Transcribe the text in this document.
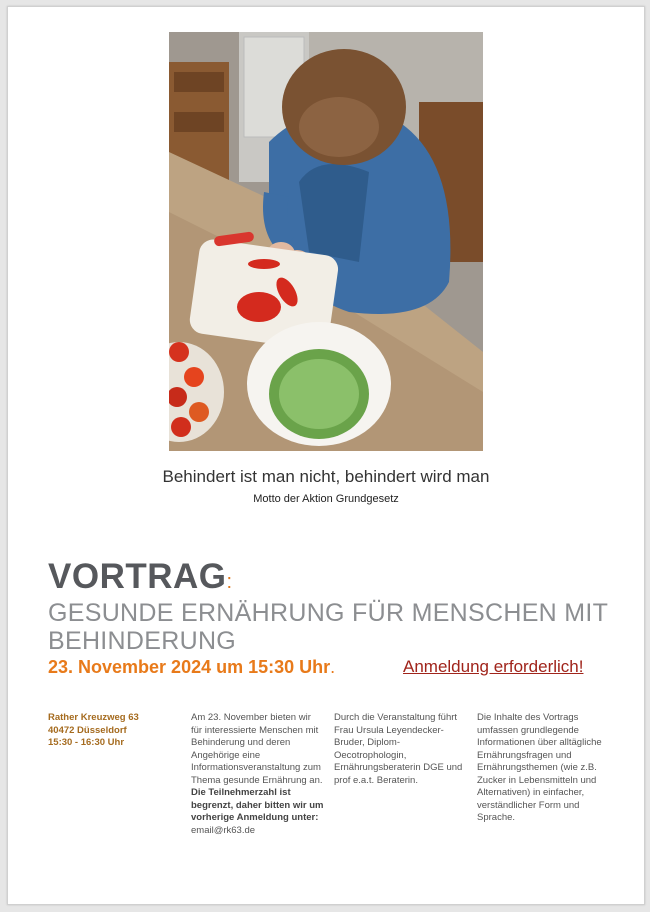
Behindert ist man nicht, behindert wird man
Motto der Aktion Grundgesetz
VORTRAG:
GESUNDE ERNÄHRUNG FÜR MENSCHEN MIT BEHINDERUNG
23. November 2024 um 15:30 Uhr.	Anmeldung erforderlich!
Rather Kreuzweg 63
40472 Düsseldorf
15:30 - 16:30 Uhr
Am 23. November bieten wir für interessierte Menschen mit Behinderung und deren Angehörige eine Informationsveranstaltung zum Thema gesunde Ernährung an. Die Teilnehmerzahl ist begrenzt, daher bitten wir um vorherige Anmeldung unter:
email@rk63.de
Durch die Veranstaltung führt Frau Ursula Leyendecker-Bruder, Diplom-Oecotrophologin, Ernährungsberaterin DGE und prof e.a.t. Beraterin.
Die Inhalte des Vortrags umfassen grundlegende Informationen über alltägliche Ernährungsfragen und Ernährungsthemen (wie z.B. Zucker in Lebensmitteln und Alternativen) in einfacher, verständlicher Form und Sprache.
